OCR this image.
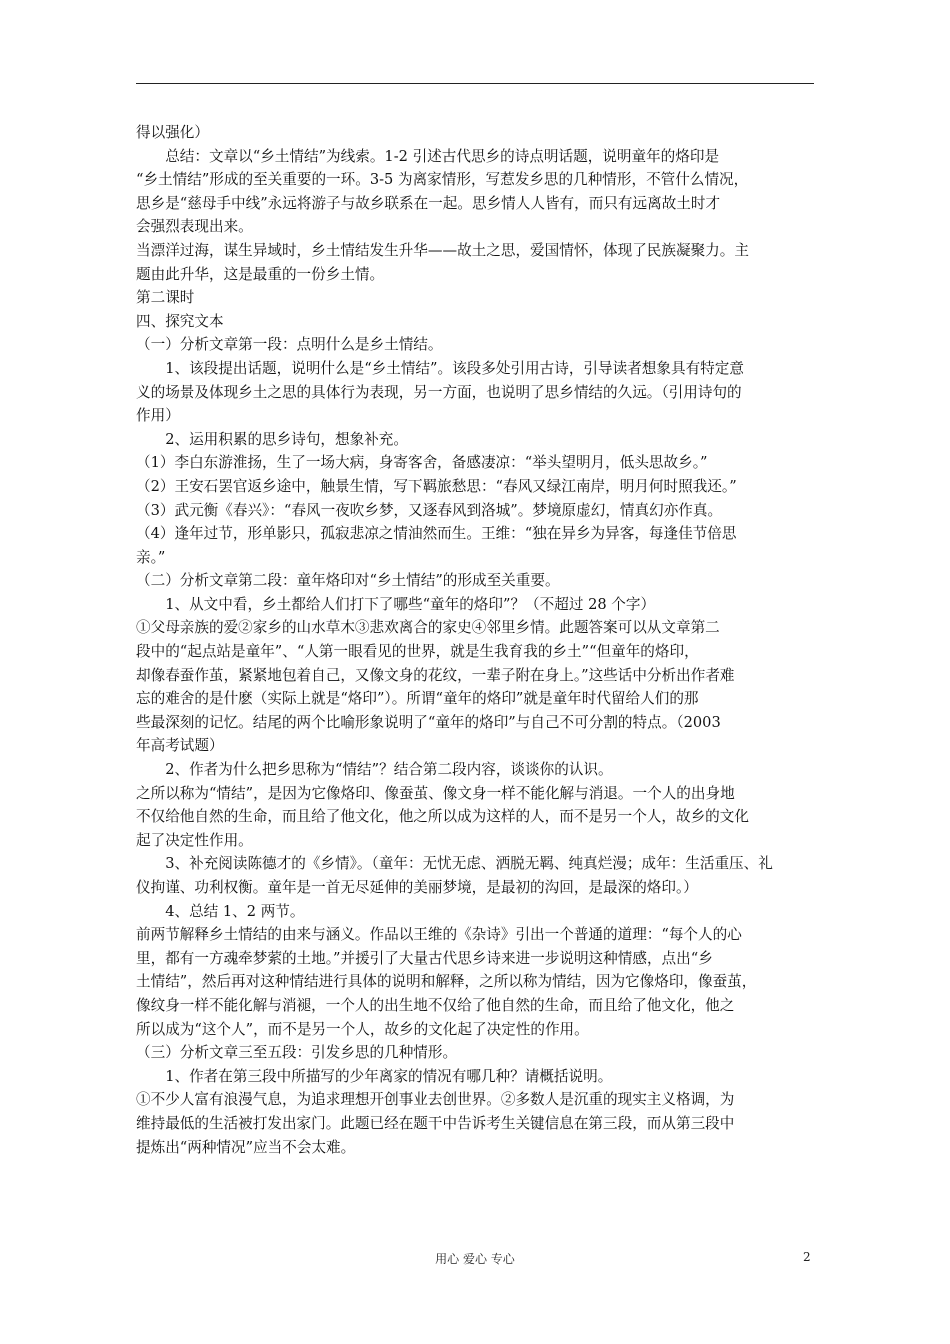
得以强化）

　　总结：文章以“乡土情结”为线索。1-2 引述古代思乡的诗点明话题，说明童年的烙印是

“乡土情结”形成的至关重要的一环。3-5 为离家情形，写惹发乡思的几种情形，不管什么情况，

思乡是“慈母手中线”永远将游子与故乡联系在一起。思乡情人人皆有，而只有远离故土时才

会强烈表现出来。

当漂洋过海，谋生异域时，乡土情结发生升华——故土之思，爱国情怀，体现了民族凝聚力。主

题由此升华，这是最重的一份乡土情。

第二课时

四、探究文本

（一）分析文章第一段：点明什么是乡土情结。

　　1、该段提出话题，说明什么是“乡土情结”。该段多处引用古诗，引导读者想象具有特定意

义的场景及体现乡土之思的具体行为表现，另一方面，也说明了思乡情结的久远。（引用诗句的

作用）

　　2、运用积累的思乡诗句，想象补充。

（1）李白东游淮扬，生了一场大病，身寄客舍，备感凄凉：“举头望明月，低头思故乡。”

（2）王安石罢官返乡途中，触景生情，写下羁旅愁思：“春风又绿江南岸，明月何时照我还。”

（3）武元衡《春兴》：“春风一夜吹乡梦，又逐春风到洛城”。梦境原虚幻，情真幻亦作真。

（4）逢年过节，形单影只，孤寂悲凉之情油然而生。王维：“独在异乡为异客，每逢佳节倍思

亲。”

（二）分析文章第二段：童年烙印对“乡土情结”的形成至关重要。

　　1、从文中看，乡土都给人们打下了哪些“童年的烙印”？（不超过 28 个字）

①父母亲族的爱②家乡的山水草木③悲欢离合的家史④邻里乡情。此题答案可以从文章第二

段中的“起点站是童年”、“人第一眼看见的世界，就是生我育我的乡土”“但童年的烙印，

却像春蚕作茧，紧紧地包着自己，又像文身的花纹，一辈子附在身上。”这些话中分析出作者难

忘的难舍的是什麽（实际上就是“烙印”）。所谓“童年的烙印”就是童年时代留给人们的那

些最深刻的记忆。结尾的两个比喻形象说明了“童年的烙印”与自己不可分割的特点。（2003

年高考试题）

　　2、作者为什么把乡思称为“情结”？结合第二段内容，谈谈你的认识。

之所以称为“情结”，是因为它像烙印、像蚕茧、像文身一样不能化解与消退。一个人的出身地

不仅给他自然的生命，而且给了他文化，他之所以成为这样的人，而不是另一个人，故乡的文化

起了决定性作用。

　　3、补充阅读陈德才的《乡情》。（童年：无忧无虑、洒脱无羁、纯真烂漫；成年：生活重压、礼

仪拘谨、功利权衡。童年是一首无尽延伸的美丽梦境，是最初的沟回，是最深的烙印。）

　　4、总结 1、2 两节。

前两节解释乡土情结的由来与涵义。作品以王维的《杂诗》引出一个普通的道理：“每个人的心

里，都有一方魂牵梦萦的土地。”并援引了大量古代思乡诗来进一步说明这种情感，点出“乡

土情结”，然后再对这种情结进行具体的说明和解释，之所以称为情结，因为它像烙印，像蚕茧，

像纹身一样不能化解与消褪，一个人的出生地不仅给了他自然的生命，而且给了他文化，他之

所以成为“这个人”，而不是另一个人，故乡的文化起了决定性的作用。

（三）分析文章三至五段：引发乡思的几种情形。

　　1、作者在第三段中所描写的少年离家的情况有哪几种？请概括说明。

①不少人富有浪漫气息，为追求理想开创事业去创世界。②多数人是沉重的现实主义格调，为

维持最低的生活被打发出家门。此题已经在题干中告诉考生关键信息在第三段，而从第三段中

提炼出“两种情况”应当不会太难。

用心 爱心 专心	2
